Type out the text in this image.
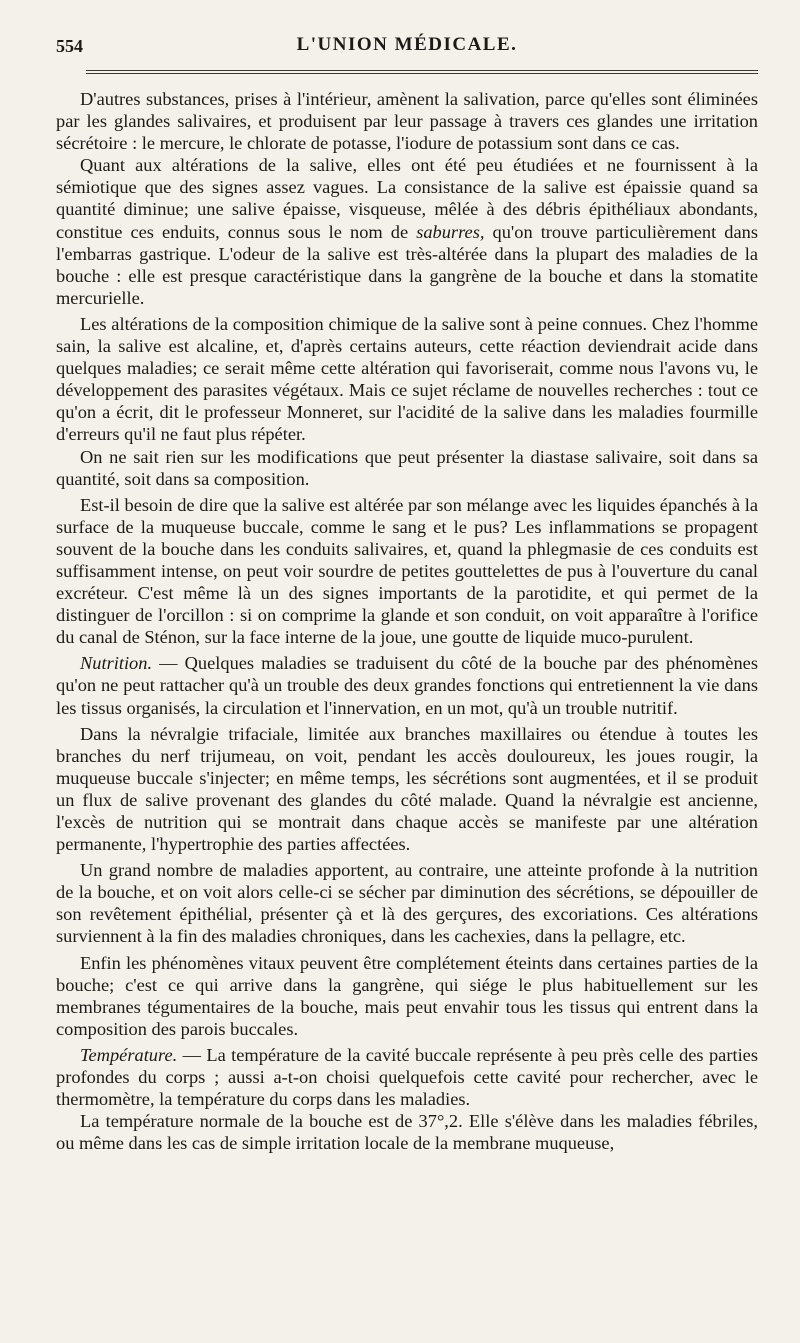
554	L'UNION MÉDICALE.

D'autres substances, prises à l'intérieur, amènent la salivation, parce qu'elles sont éliminées par les glandes salivaires, et produisent par leur passage à travers ces glandes une irritation sécrétoire : le mercure, le chlorate de potasse, l'iodure de potassium sont dans ce cas.

Quant aux altérations de la salive, elles ont été peu étudiées et ne fournissent à la sémiotique que des signes assez vagues. La consistance de la salive est épaissie quand sa quantité diminue; une salive épaisse, visqueuse, mêlée à des débris épithéliaux abondants, constitue ces enduits, connus sous le nom de saburres, qu'on trouve particulièrement dans l'embarras gastrique. L'odeur de la salive est très-altérée dans la plupart des maladies de la bouche : elle est presque caractéristique dans la gangrène de la bouche et dans la stomatite mercurielle.

Les altérations de la composition chimique de la salive sont à peine connues. Chez l'homme sain, la salive est alcaline, et, d'après certains auteurs, cette réaction deviendrait acide dans quelques maladies; ce serait même cette altération qui favoriserait, comme nous l'avons vu, le développement des parasites végétaux. Mais ce sujet réclame de nouvelles recherches : tout ce qu'on a écrit, dit le professeur Monneret, sur l'acidité de la salive dans les maladies fourmille d'erreurs qu'il ne faut plus répéter.

On ne sait rien sur les modifications que peut présenter la diastase salivaire, soit dans sa quantité, soit dans sa composition.

Est-il besoin de dire que la salive est altérée par son mélange avec les liquides épanchés à la surface de la muqueuse buccale, comme le sang et le pus? Les inflammations se propagent souvent de la bouche dans les conduits salivaires, et, quand la phlegmasie de ces conduits est suffisamment intense, on peut voir sourdre de petites gouttelettes de pus à l'ouverture du canal excréteur. C'est même là un des signes importants de la parotidite, et qui permet de la distinguer de l'orcillon : si on comprime la glande et son conduit, on voit apparaître à l'orifice du canal de Sténon, sur la face interne de la joue, une goutte de liquide muco-purulent.

Nutrition. — Quelques maladies se traduisent du côté de la bouche par des phénomènes qu'on ne peut rattacher qu'à un trouble des deux grandes fonctions qui entretiennent la vie dans les tissus organisés, la circulation et l'innervation, en un mot, qu'à un trouble nutritif.

Dans la névralgie trifaciale, limitée aux branches maxillaires ou étendue à toutes les branches du nerf trijumeau, on voit, pendant les accès douloureux, les joues rougir, la muqueuse buccale s'injecter; en même temps, les sécrétions sont augmentées, et il se produit un flux de salive provenant des glandes du côté malade. Quand la névralgie est ancienne, l'excès de nutrition qui se montrait dans chaque accès se manifeste par une altération permanente, l'hypertrophie des parties affectées.

Un grand nombre de maladies apportent, au contraire, une atteinte profonde à la nutrition de la bouche, et on voit alors celle-ci se sécher par diminution des sécrétions, se dépouiller de son revêtement épithélial, présenter çà et là des gerçures, des excoriations. Ces altérations surviennent à la fin des maladies chroniques, dans les cachexies, dans la pellagre, etc.

Enfin les phénomènes vitaux peuvent être complétement éteints dans certaines parties de la bouche; c'est ce qui arrive dans la gangrène, qui siége le plus habituellement sur les membranes tégumentaires de la bouche, mais peut envahir tous les tissus qui entrent dans la composition des parois buccales.

Température. — La température de la cavité buccale représente à peu près celle des parties profondes du corps ; aussi a-t-on choisi quelquefois cette cavité pour rechercher, avec le thermomètre, la température du corps dans les maladies.

La température normale de la bouche est de 37°,2. Elle s'élève dans les maladies fébriles, ou même dans les cas de simple irritation locale de la membrane muqueuse,
